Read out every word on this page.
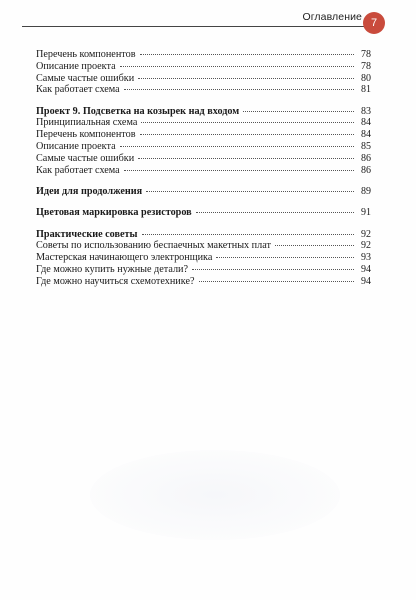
Оглавление 7
Перечень компонентов	78
Описание проекта	78
Самые частые ошибки	80
Как работает схема	81
Проект 9. Подсветка на козырек над входом	83
Принципиальная схема	84
Перечень компонентов	84
Описание проекта	85
Самые частые ошибки	86
Как работает схема	86
Идеи для продолжения	89
Цветовая маркировка резисторов	91
Практические советы	92
Советы по использованию беспаечных макетных плат	92
Мастерская начинающего электронщика	93
Где можно купить нужные детали?	94
Где можно научиться схемотехнике?	94
